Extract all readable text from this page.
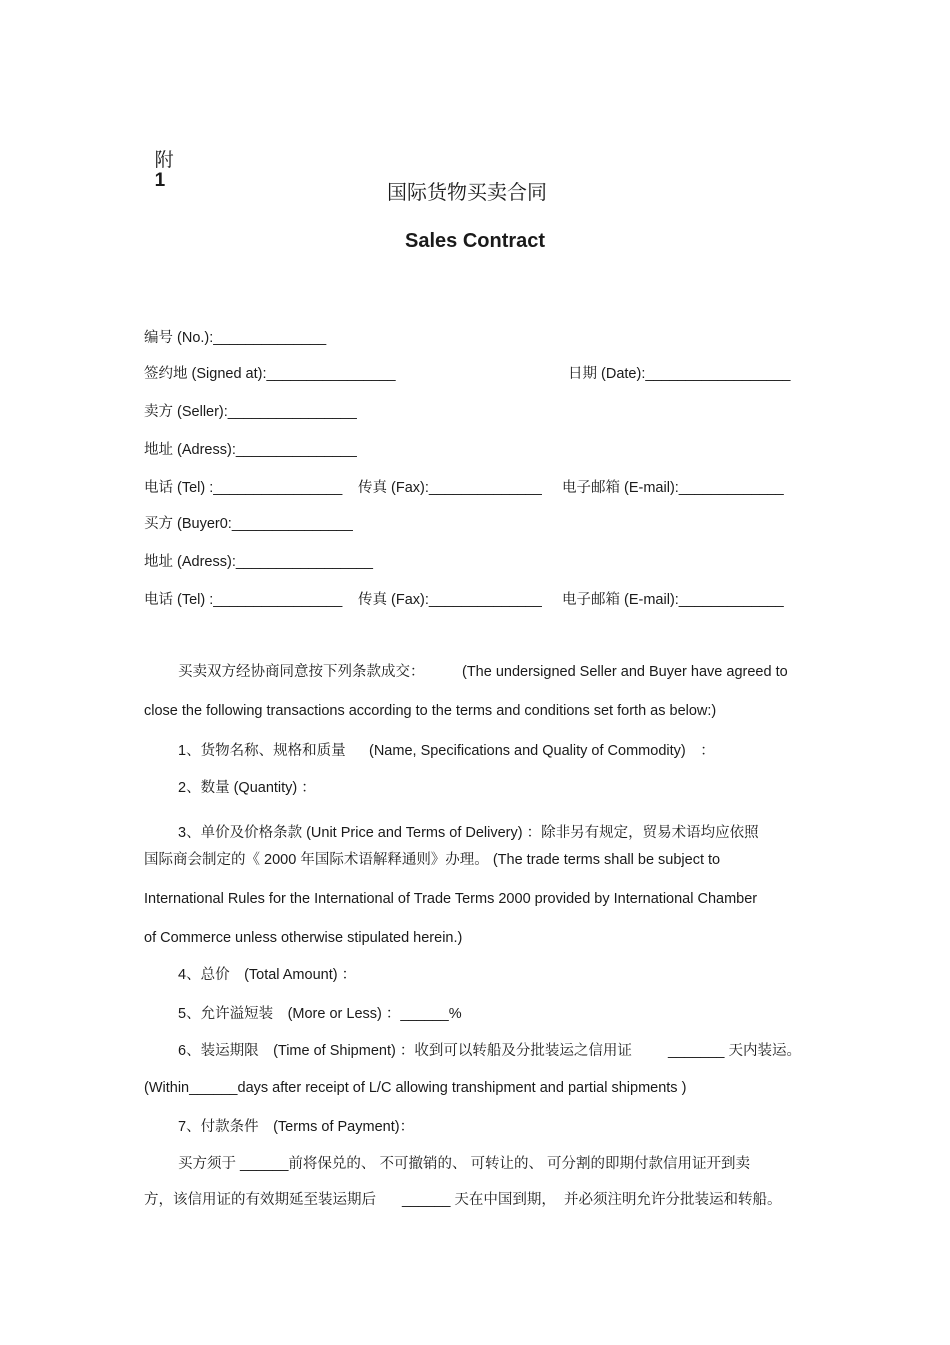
附
1	国际货物买卖合同
Sales Contract
编号 (No.):______________
签约地 (Signed at):________________	日期 (Date):__________________
卖方 (Seller):________________
地址 (Adress):_______________
电话 (Tel) :________________ 传真 (Fax):______________ 电子邮箱 (E-mail):_____________
买方 (Buyer0:_______________
地址 (Adress):_________________
电话 (Tel) :________________ 传真 (Fax):______________ 电子邮箱 (E-mail):_____________
买卖双方经协商同意按下列条款成交：	(The undersigned Seller and Buyer have agreed to
close the following transactions according to the terms and conditions set forth as below:)
1、货物名称、规格和质量 (Name, Specifications and Quality of Commodity)　：
2、数量 (Quantity) ：
3、单价及价格条款 (Unit Price and Terms of Delivery) ：除非另有规定，贸易术语均应依照
国际商会制定的《 2000 年国际术语解释通则》办理。 (The trade terms shall be subject to
International Rules for the International of Trade Terms 2000 provided by International Chamber
of Commerce unless otherwise stipulated herein.)
4、总价　(Total Amount) ：
5、允许溢短装　(More or Less) ：______%
6、装运期限　(Time of Shipment) ：收到可以转船及分批装运之信用证 _______ 天内装运。
(Within______days after receipt of L/C allowing transhipment and partial shipments )
7、付款条件　(Terms of Payment)：
买方须于 ______前将保兑的、 不可撤销的、 可转让的、 可分割的即期付款信用证开到卖
方，该信用证的有效期延至装运期后 ______ 天在中国到期，  并必须注明允许分批装运和转船。
